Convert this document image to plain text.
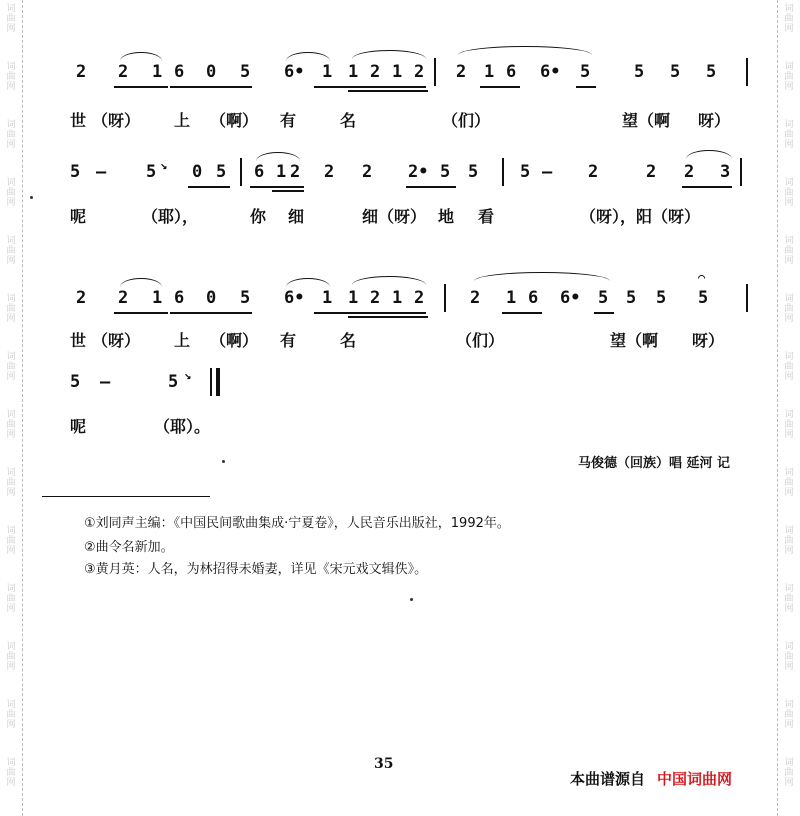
词
曲
网
词
曲
网
词
曲
网
词
曲
网
词
曲
网
词
曲
网
词
曲
网
词
曲
网
词
曲
网
词
曲
网
词
曲
网
词
曲
网
词
曲
网
词
曲
网
词
曲
网
词
曲
网
词
曲
网
词
曲
网
词
曲
网
词
曲
网
词
曲
网
词
曲
网
词
曲
网
词
曲
网
词
曲
网
词
曲
网
词
曲
网
词
曲
网
2 2 1 6 0 5 6• 1 1 2 1 2 2 1 6 6• 5	5 5 5
世 （呀） 上 （啊） 有	名	（们）	望（啊 呀）
5 — 5 ↘ 0 5 6 1 2 2 2 2• 5 5 5 — 2	2 2 3
呢	（耶），	你 细	细（呀） 地 看	（呀），阳（呀）
2 2 1 6 0 5 6• 1 1 2 1 2	2 1 6 6• 5 5 5 5
⌒
世 （呀） 上 （啊） 有	名	（们）	望（啊 呀）
5 —	5 ↘
呢	（耶）。
马俊德（回族）唱 延河 记
①刘同声主编：《中国民间歌曲集成·宁夏卷》，人民音乐出版社，1992年。
②曲令名新加。
③黄月英：人名，为林招得未婚妻，详见《宋元戏文辑佚》。
35
本曲谱源自 中国词曲网
